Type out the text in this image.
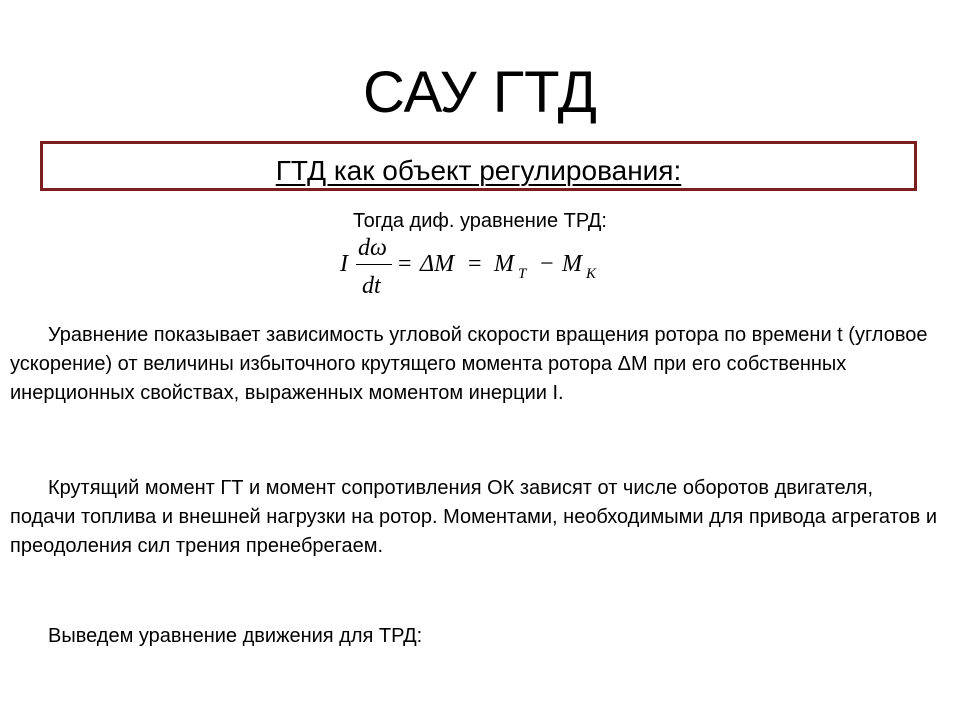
САУ ГТД
ГТД как объект регулирования:
Тогда диф. уравнение ТРД:
I
dω
dt
= ΔM = M T − M K

Уравнение показывает зависимость угловой скорости вращения ротора по времени t (угловое ускорение) от величины избыточного крутящего момента ротора ΔМ при его собственных инерционных свойствах, выраженных моментом инерции I.

Крутящий момент ГТ и момент сопротивления ОК зависят от числе оборотов двигателя, подачи топлива и внешней нагрузки на ротор. Моментами, необходимыми для привода агрегатов и преодоления сил трения пренебрегаем.

Выведем уравнение движения для ТРД:
